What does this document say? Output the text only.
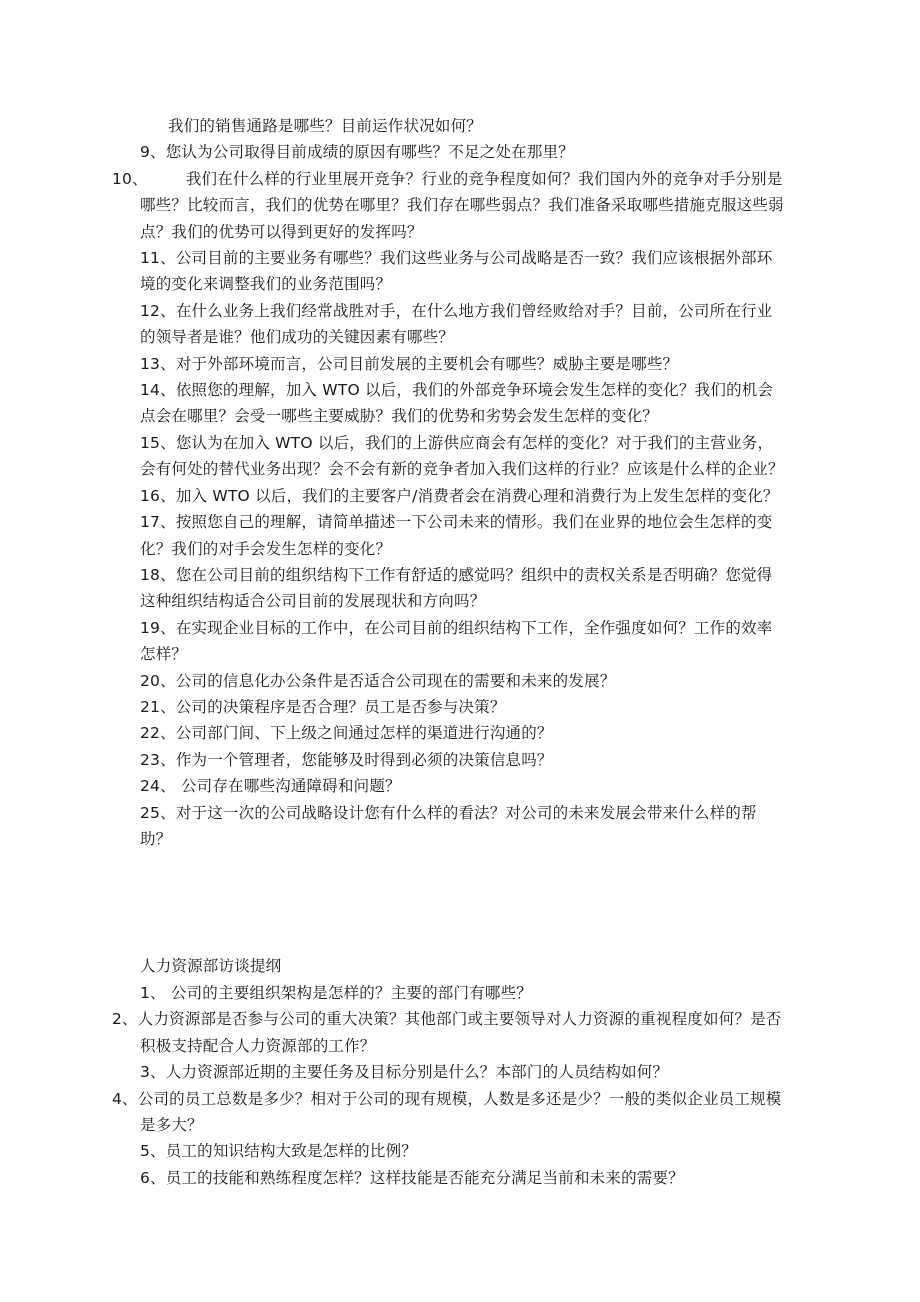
我们的销售通路是哪些？目前运作状况如何？

9、您认为公司取得目前成绩的原因有哪些？不足之处在那里？

10、 我们在什么样的行业里展开竞争？行业的竞争程度如何？我们国内外的竞争对手分别是哪些？比较而言，我们的优势在哪里？我们存在哪些弱点？我们准备采取哪些措施克服这些弱点？我们的优势可以得到更好的发挥吗？

11、公司目前的主要业务有哪些？我们这些业务与公司战略是否一致？我们应该根据外部环境的变化来调整我们的业务范围吗？

12、在什么业务上我们经常战胜对手，在什么地方我们曾经败给对手？目前，公司所在行业的领导者是谁？他们成功的关键因素有哪些？

13、对于外部环境而言，公司目前发展的主要机会有哪些？威胁主要是哪些？

14、依照您的理解，加入 WTO 以后，我们的外部竞争环境会发生怎样的变化？我们的机会点会在哪里？会受一哪些主要威胁？我们的优势和劣势会发生怎样的变化？

15、您认为在加入 WTO 以后，我们的上游供应商会有怎样的变化？对于我们的主营业务，会有何处的替代业务出现？会不会有新的竞争者加入我们这样的行业？应该是什么样的企业？

16、加入 WTO 以后，我们的主要客户/消费者会在消费心理和消费行为上发生怎样的变化？

17、按照您自己的理解，请简单描述一下公司未来的情形。我们在业界的地位会生怎样的变化？我们的对手会发生怎样的变化？

18、您在公司目前的组织结构下工作有舒适的感觉吗？组织中的责权关系是否明确？您觉得这种组织结构适合公司目前的发展现状和方向吗？

19、在实现企业目标的工作中，在公司目前的组织结构下工作，全作强度如何？工作的效率怎样？

20、公司的信息化办公条件是否适合公司现在的需要和未来的发展？

21、公司的决策程序是否合理？员工是否参与决策？

22、公司部门间、下上级之间通过怎样的渠道进行沟通的？

23、作为一个管理者，您能够及时得到必须的决策信息吗？

24、 公司存在哪些沟通障碍和问题？

25、对于这一次的公司战略设计您有什么样的看法？对公司的未来发展会带来什么样的帮助？

人力资源部访谈提纲

1、 公司的主要组织架构是怎样的？主要的部门有哪些？

2、人力资源部是否参与公司的重大决策？其他部门或主要领导对人力资源的重视程度如何？是否积极支持配合人力资源部的工作？

3、人力资源部近期的主要任务及目标分别是什么？本部门的人员结构如何？

4、公司的员工总数是多少？相对于公司的现有规模，人数是多还是少？一般的类似企业员工规模是多大？

5、员工的知识结构大致是怎样的比例？

6、员工的技能和熟练程度怎样？这样技能是否能充分满足当前和未来的需要？
